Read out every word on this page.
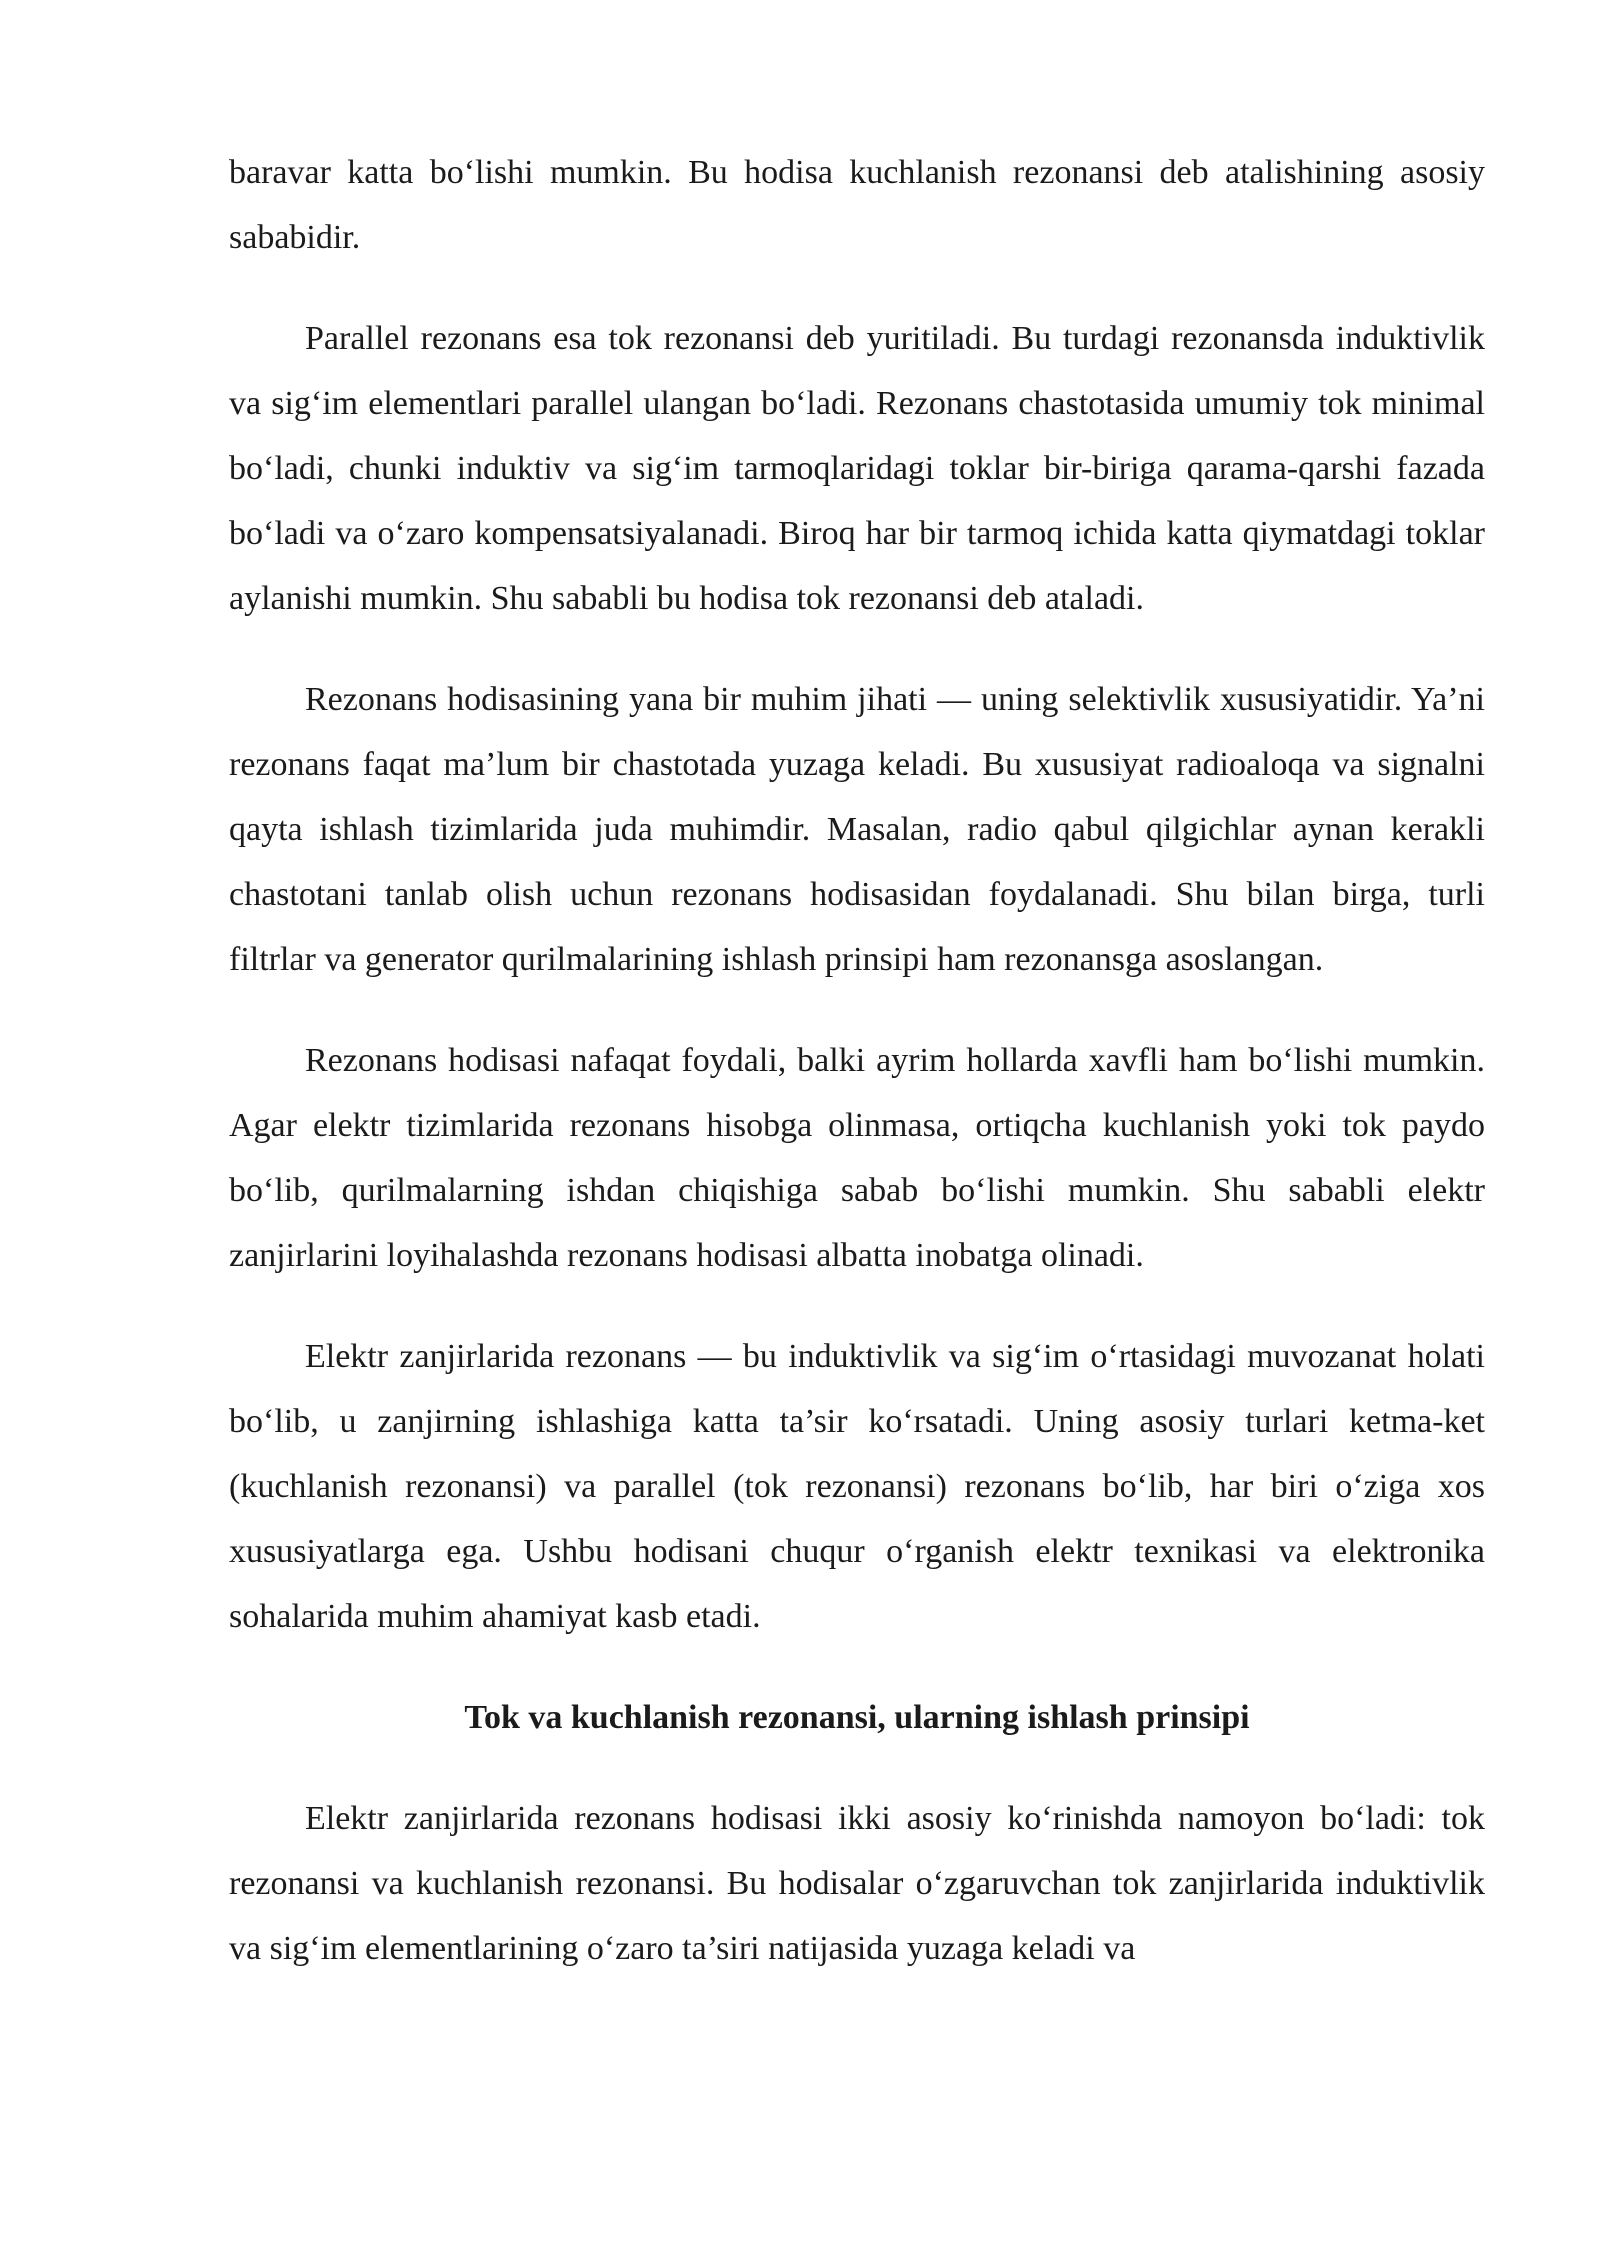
baravar katta bo‘lishi mumkin. Bu hodisa kuchlanish rezonansi deb atalishining asosiy sababidir.

Parallel rezonans esa tok rezonansi deb yuritiladi. Bu turdagi rezonansda induktivlik va sig‘im elementlari parallel ulangan bo‘ladi. Rezonans chastotasida umumiy tok minimal bo‘ladi, chunki induktiv va sig‘im tarmoqlaridagi toklar bir-biriga qarama-qarshi fazada bo‘ladi va o‘zaro kompensatsiyalanadi. Biroq har bir tarmoq ichida katta qiymatdagi toklar aylanishi mumkin. Shu sababli bu hodisa tok rezonansi deb ataladi.

Rezonans hodisasining yana bir muhim jihati — uning selektivlik xususiyatidir. Ya’ni rezonans faqat ma’lum bir chastotada yuzaga keladi. Bu xususiyat radioaloqa va signalni qayta ishlash tizimlarida juda muhimdir. Masalan, radio qabul qilgichlar aynan kerakli chastotani tanlab olish uchun rezonans hodisasidan foydalanadi. Shu bilan birga, turli filtrlar va generator qurilmalarining ishlash prinsipi ham rezonansga asoslangan.

Rezonans hodisasi nafaqat foydali, balki ayrim hollarda xavfli ham bo‘lishi mumkin. Agar elektr tizimlarida rezonans hisobga olinmasa, ortiqcha kuchlanish yoki tok paydo bo‘lib, qurilmalarning ishdan chiqishiga sabab bo‘lishi mumkin. Shu sababli elektr zanjirlarini loyihalashda rezonans hodisasi albatta inobatga olinadi.

Elektr zanjirlarida rezonans — bu induktivlik va sig‘im o‘rtasidagi muvozanat holati bo‘lib, u zanjirning ishlashiga katta ta’sir ko‘rsatadi. Uning asosiy turlari ketma-ket (kuchlanish rezonansi) va parallel (tok rezonansi) rezonans bo‘lib, har biri o‘ziga xos xususiyatlarga ega. Ushbu hodisani chuqur o‘rganish elektr texnikasi va elektronika sohalarida muhim ahamiyat kasb etadi.

Tok va kuchlanish rezonansi, ularning ishlash prinsipi

Elektr zanjirlarida rezonans hodisasi ikki asosiy ko‘rinishda namoyon bo‘ladi: tok rezonansi va kuchlanish rezonansi. Bu hodisalar o‘zgaruvchan tok zanjirlarida induktivlik va sig‘im elementlarining o‘zaro ta’siri natijasida yuzaga keladi va
